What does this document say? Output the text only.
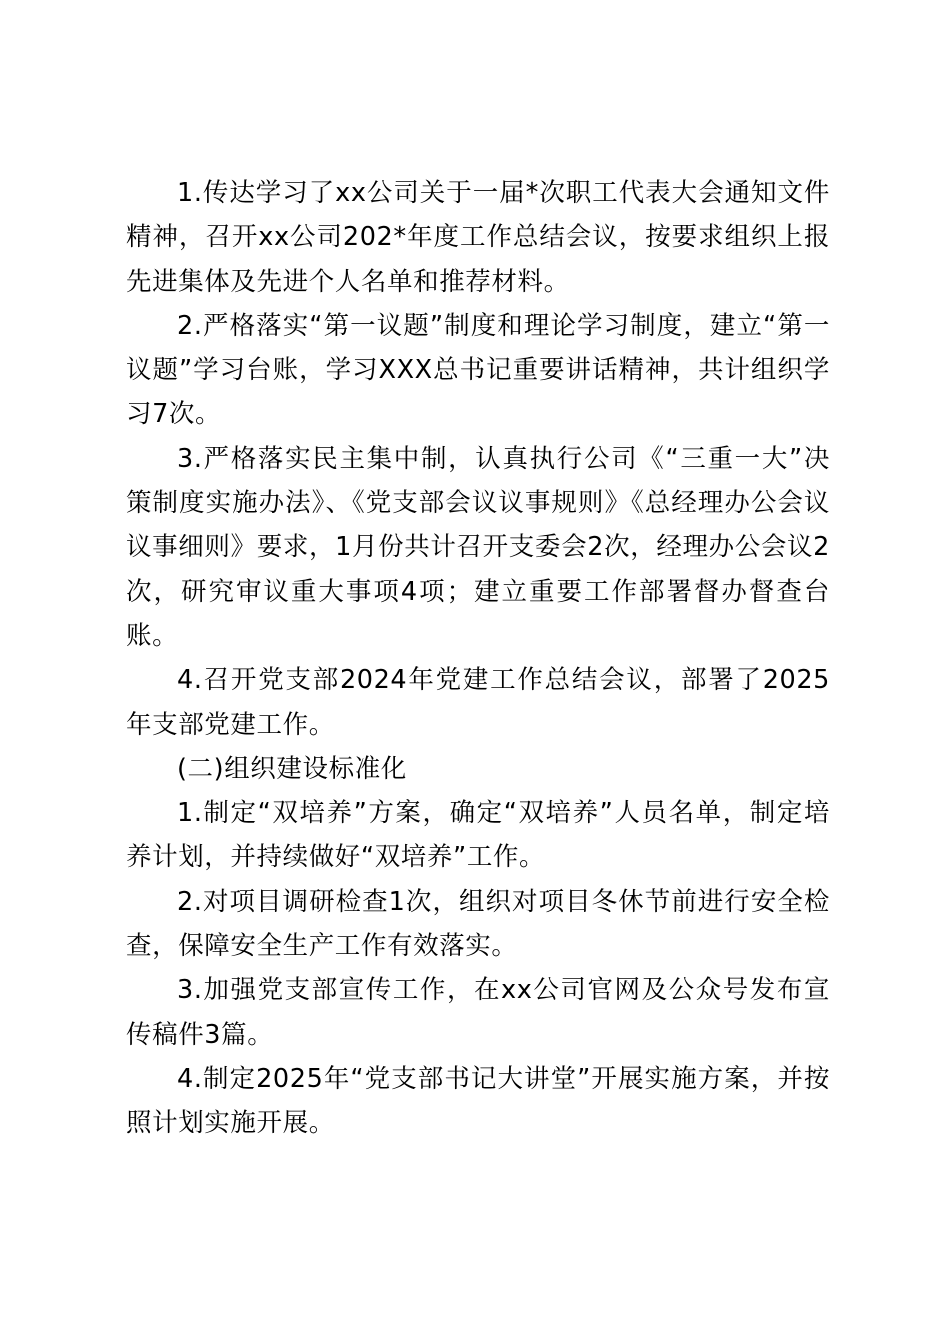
1.传达学习了xx公司关于一届*次职工代表大会通知文件精神，召开xx公司202*年度工作总结会议，按要求组织上报先进集体及先进个人名单和推荐材料。

2.严格落实“第一议题”制度和理论学习制度，建立“第一议题”学习台账，学习XXX总书记重要讲话精神，共计组织学习7次。

3.严格落实民主集中制，认真执行公司《“三重一大”决策制度实施办法》、《党支部会议议事规则》《总经理办公会议议事细则》要求，1月份共计召开支委会2次，经理办公会议2次，研究审议重大事项4项；建立重要工作部署督办督查台账。

4.召开党支部2024年党建工作总结会议，部署了2025年支部党建工作。

(二)组织建设标准化

1.制定“双培养”方案，确定“双培养”人员名单，制定培养计划，并持续做好“双培养”工作。

2.对项目调研检查1次，组织对项目冬休节前进行安全检查，保障安全生产工作有效落实。

3.加强党支部宣传工作，在xx公司官网及公众号发布宣传稿件3篇。

4.制定2025年“党支部书记大讲堂”开展实施方案，并按照计划实施开展。
